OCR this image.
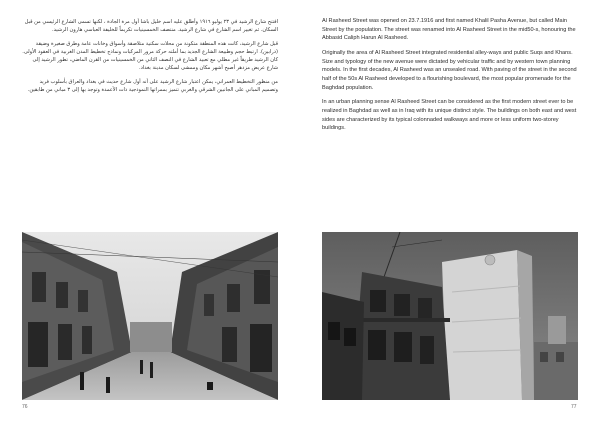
افتتح شارع الرشيد في ٢٣ يوليو ١٩١٦ وأطلق عليه اسم خليل باشا أول مرة الجادة ، لكنها تسمى الشارع الرئيسي من قبل السكان. ثم تغيير اسم الشارع في شارع الرشيد. منتصف الخمسينيات تكريماً للخليفة العباسي هارون الرشيد.

قبل شارع الرشيد، كانت هذه المنطقة متكونة من محلات سكنية متلاصقة وأسواق وخانات عامة وطرق صغيرة وضيقة (درابين). ارتبط حجم وطبيعة الشارع الجديد بما أملته حركة مرور المركبات ونماذج تخطيط المدن الغربية في العقود الأولى. كان الرشيد طريقاً غير مطلي مع تعبيد الشارع في النصف الثاني من الخمسينيات من القرن الماضي، تطور الرشيد إلى شارع عريض مزدهر أصبح أشهر مكان وممشى لسكان مدينة بغداد.

من منظور التخطيط العمراني، يمكن اعتبار شارع الرشيد على أنه أول شارع حديث في بغداد والعراق بأسلوب فريد وتصميم المباني على الجانبين الشرقي والغربي تتميز بممراتها النموذجية ذات الأعمدة وتوجد بها إلى ٣ مباني من طابقين.

76

Al Rasheed Street was opened on 23.7.1916 and first named Khalil Pasha Avenue, but called Main Street by the population. The street was renamed into Al Rasheed Street in the mid50-s, honouring the Abbasid Caliph Harun Al Rasheed.

Originally the area of Al Rasheed Street integrated residential alley-ways and public Suqs and Khans. Size and typology of the new avenue were dictated by vehicular traffic and by western town planning models. In the first decades, Al Rasheed was an unsealed road. With paving of the street in the second half of the 50s Al Rasheed developed to a flourishing boulevard, the most popular promenade for the Baghdad population.

In an urban planning sense Al Rasheed Street can be considered as the first modern street ever to be realized in Baghdad as well as in Iraq with its unique distinct style. The buildings on both east and west sides are characterized by its typical colonnaded walkways and more or less uniform two-storey buildings.

77
